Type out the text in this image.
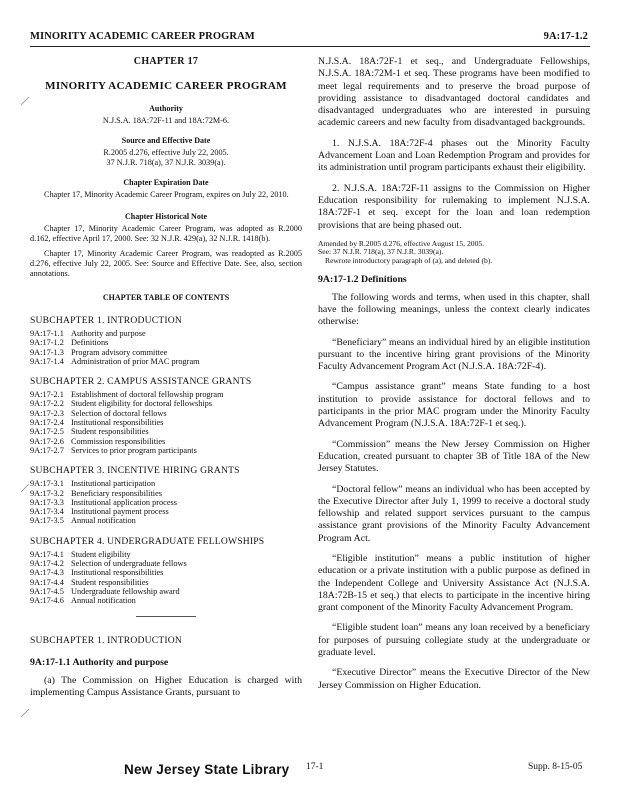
MINORITY ACADEMIC CAREER PROGRAM	9A:17-1.2
CHAPTER 17
MINORITY ACADEMIC CAREER PROGRAM
Authority
N.J.S.A. 18A:72F-11 and 18A:72M-6.
Source and Effective Date
R.2005 d.276, effective July 22, 2005.
37 N.J.R. 718(a), 37 N.J.R. 3039(a).
Chapter Expiration Date
Chapter 17, Minority Academic Career Program, expires on July 22, 2010.
Chapter Historical Note
Chapter 17, Minority Academic Career Program, was adopted as R.2000 d.162, effective April 17, 2000. See: 32 N.J.R. 429(a), 32 N.J.R. 1418(b).
Chapter 17, Minority Academic Career Program, was readopted as R.2005 d.276, effective July 22, 2005. See: Source and Effective Date. See, also, section annotations.
CHAPTER TABLE OF CONTENTS
SUBCHAPTER 1. INTRODUCTION
9A:17-1.1 Authority and purpose
9A:17-1.2 Definitions
9A:17-1.3 Program advisory committee
9A:17-1.4 Administration of prior MAC program
SUBCHAPTER 2. CAMPUS ASSISTANCE GRANTS
9A:17-2.1 Establishment of doctoral fellowship program
9A:17-2.2 Student eligibility for doctoral fellowships
9A:17-2.3 Selection of doctoral fellows
9A:17-2.4 Institutional responsibilities
9A:17-2.5 Student responsibilities
9A:17-2.6 Commission responsibilities
9A:17-2.7 Services to prior program participants
SUBCHAPTER 3. INCENTIVE HIRING GRANTS
9A:17-3.1 Institutional participation
9A:17-3.2 Beneficiary responsibilities
9A:17-3.3 Institutional application process
9A:17-3.4 Institutional payment process
9A:17-3.5 Annual notification
SUBCHAPTER 4. UNDERGRADUATE FELLOWSHIPS
9A:17-4.1 Student eligibility
9A:17-4.2 Selection of undergraduate fellows
9A:17-4.3 Institutional responsibilities
9A:17-4.4 Student responsibilities
9A:17-4.5 Undergraduate fellowship award
9A:17-4.6 Annual notification
SUBCHAPTER 1. INTRODUCTION
9A:17-1.1 Authority and purpose

(a) The Commission on Higher Education is charged with implementing Campus Assistance Grants, pursuant to

N.J.S.A. 18A:72F-1 et seq., and Undergraduate Fellowships, N.J.S.A. 18A:72M-1 et seq. These programs have been modified to meet legal requirements and to preserve the broad purpose of providing assistance to disadvantaged doctoral candidates and disadvantaged undergraduates who are interested in pursuing academic careers and new faculty from disadvantaged backgrounds.

1. N.J.S.A. 18A:72F-4 phases out the Minority Faculty Advancement Loan and Loan Redemption Program and provides for its administration until program participants exhaust their eligibility.

2. N.J.S.A. 18A:72F-11 assigns to the Commission on Higher Education responsibility for rulemaking to implement N.J.S.A. 18A:72F-1 et seq. except for the loan and loan redemption provisions that are being phased out.

Amended by R.2005 d.276, effective August 15, 2005.
See: 37 N.J.R. 718(a), 37 N.J.R. 3039(a).
Rewrote introductory paragraph of (a), and deleted (b).
9A:17-1.2 Definitions

The following words and terms, when used in this chapter, shall have the following meanings, unless the context clearly indicates otherwise:

“Beneficiary” means an individual hired by an eligible institution pursuant to the incentive hiring grant provisions of the Minority Faculty Advancement Program Act (N.J.S.A. 18A:72F-4).

“Campus assistance grant” means State funding to a host institution to provide assistance for doctoral fellows and to participants in the prior MAC program under the Minority Faculty Advancement Program (N.J.S.A. 18A:72F-1 et seq.).

“Commission” means the New Jersey Commission on Higher Education, created pursuant to chapter 3B of Title 18A of the New Jersey Statutes.

“Doctoral fellow” means an individual who has been accepted by the Executive Director after July 1, 1999 to receive a doctoral study fellowship and related support services pursuant to the campus assistance grant provisions of the Minority Faculty Advancement Program Act.

“Eligible institution” means a public institution of higher education or a private institution with a public purpose as defined in the Independent College and University Assistance Act (N.J.S.A. 18A:72B-15 et seq.) that elects to participate in the incentive hiring grant component of the Minority Faculty Advancement Program.

“Eligible student loan” means any loan received by a beneficiary for purposes of pursuing collegiate study at the undergraduate or graduate level.

“Executive Director” means the Executive Director of the New Jersey Commission on Higher Education.

New Jersey State Library 17-1	Supp. 8-15-05
